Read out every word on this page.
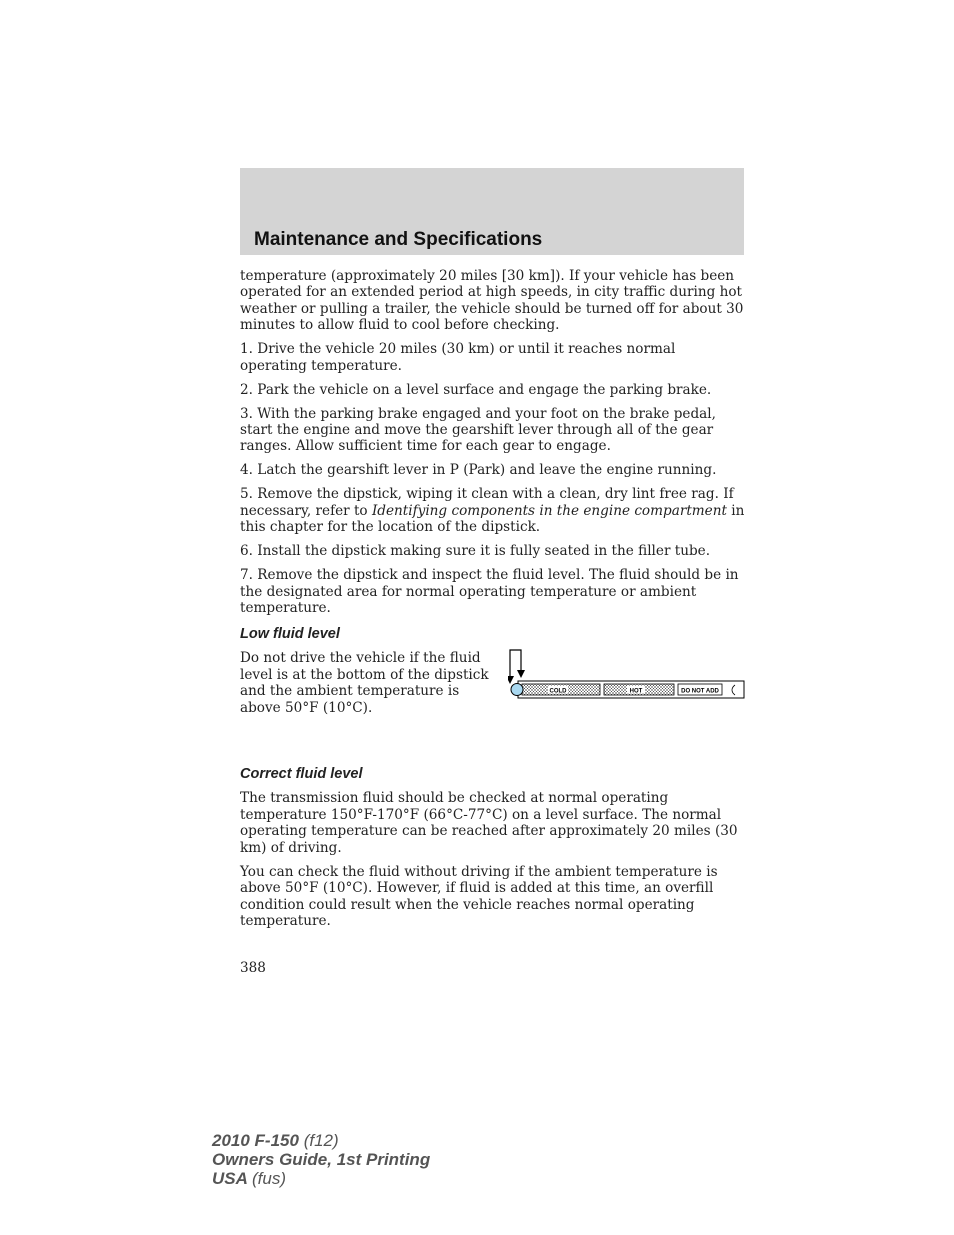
Maintenance and Specifications

temperature (approximately 20 miles [30 km]). If your vehicle has been operated for an extended period at high speeds, in city traffic during hot weather or pulling a trailer, the vehicle should be turned off for about 30 minutes to allow fluid to cool before checking.

1. Drive the vehicle 20 miles (30 km) or until it reaches normal operating temperature.

2. Park the vehicle on a level surface and engage the parking brake.

3. With the parking brake engaged and your foot on the brake pedal, start the engine and move the gearshift lever through all of the gear ranges. Allow sufficient time for each gear to engage.

4. Latch the gearshift lever in P (Park) and leave the engine running.

5. Remove the dipstick, wiping it clean with a clean, dry lint free rag. If necessary, refer to Identifying components in the engine compartment in this chapter for the location of the dipstick.

6. Install the dipstick making sure it is fully seated in the filler tube.

7. Remove the dipstick and inspect the fluid level. The fluid should be in the designated area for normal operating temperature or ambient temperature.

Low fluid level

Do not drive the vehicle if the fluid level is at the bottom of the dipstick and the ambient temperature is above 50°F (10°C).

COLD	HOT	DO NOT ADD
Correct fluid level

The transmission fluid should be checked at normal operating temperature 150°F-170°F (66°C-77°C) on a level surface. The normal operating temperature can be reached after approximately 20 miles (30 km) of driving.

You can check the fluid without driving if the ambient temperature is above 50°F (10°C). However, if fluid is added at this time, an overfill condition could result when the vehicle reaches normal operating temperature.

388
2010 F-150 (f12)
Owners Guide, 1st Printing
USA (fus)
